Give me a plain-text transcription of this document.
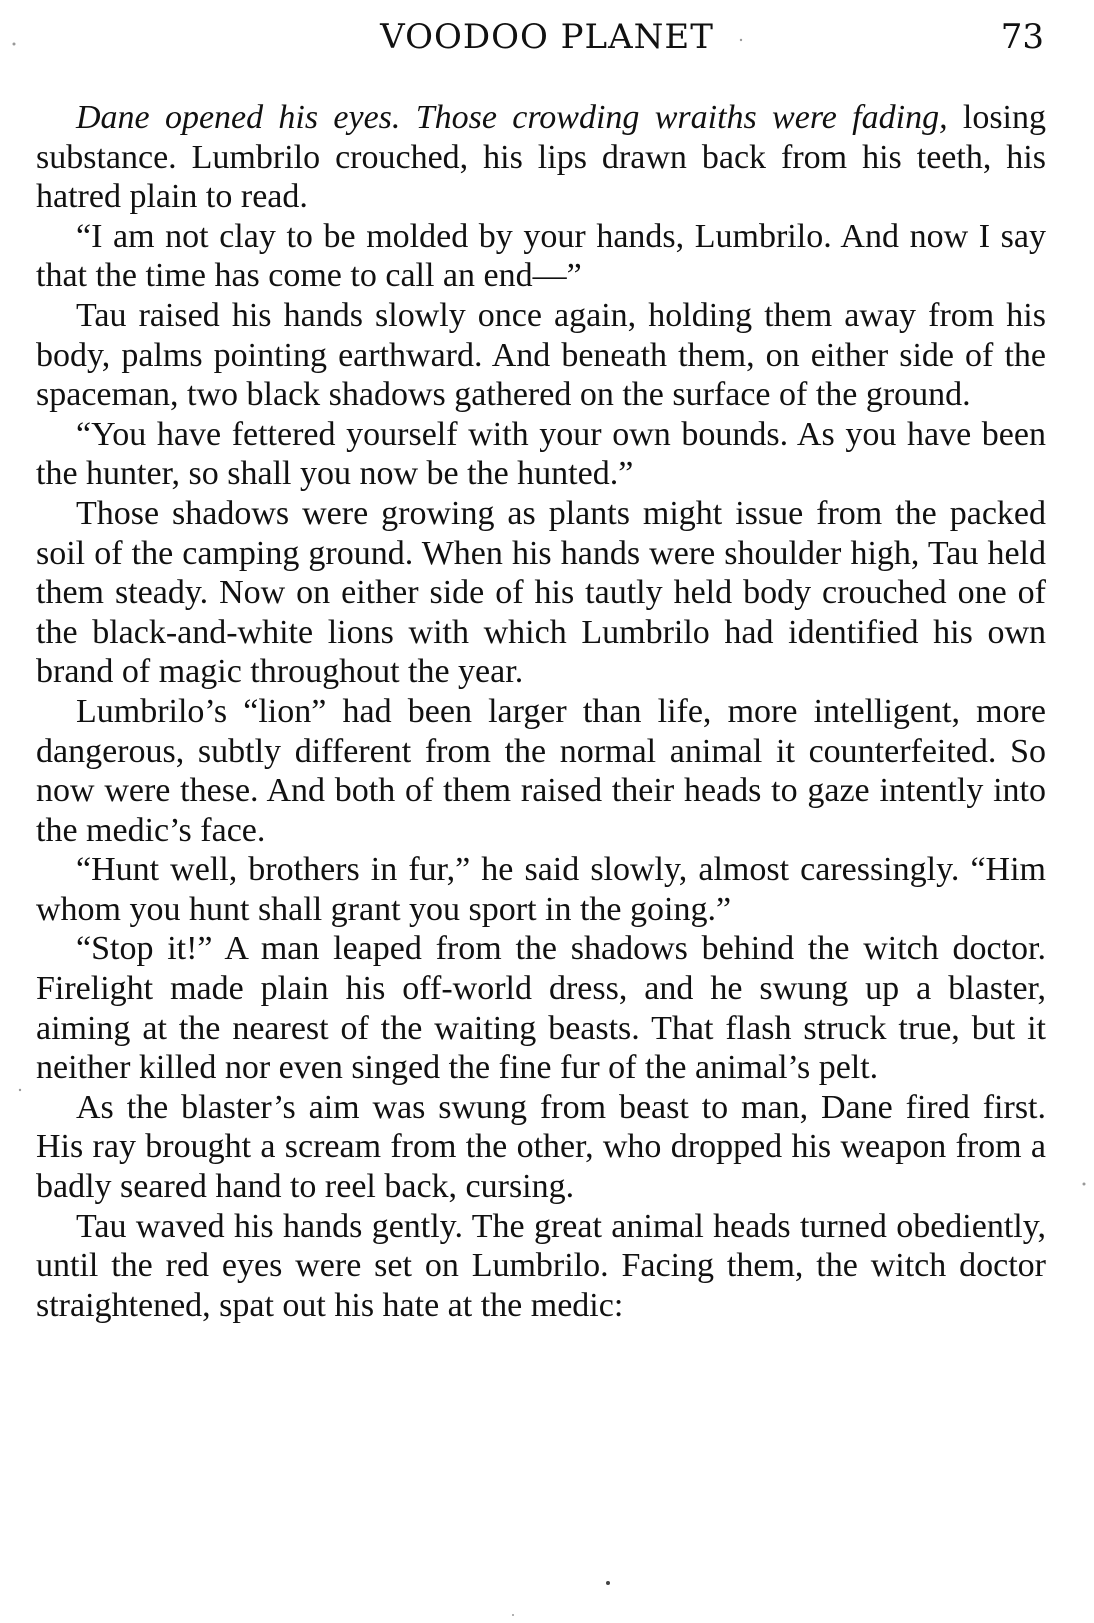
VOODOO PLANET	73

Dane opened his eyes. Those crowding wraiths were fading, losing substance. Lumbrilo crouched, his lips drawn back from his teeth, his hatred plain to read.

“I am not clay to be molded by your hands, Lumbrilo. And now I say that the time has come to call an end—”

Tau raised his hands slowly once again, holding them away from his body, palms pointing earthward. And beneath them, on either side of the spaceman, two black shadows gathered on the surface of the ground.

“You have fettered yourself with your own bounds. As you have been the hunter, so shall you now be the hunted.”

Those shadows were growing as plants might issue from the packed soil of the camping ground. When his hands were shoulder high, Tau held them steady. Now on either side of his tautly held body crouched one of the black-and-white lions with which Lumbrilo had identified his own brand of magic throughout the year.

Lumbrilo’s “lion” had been larger than life, more intelligent, more dangerous, subtly different from the normal animal it counterfeited. So now were these. And both of them raised their heads to gaze intently into the medic’s face.

“Hunt well, brothers in fur,” he said slowly, almost caressingly. “Him whom you hunt shall grant you sport in the going.”

“Stop it!” A man leaped from the shadows behind the witch doctor. Firelight made plain his off-world dress, and he swung up a blaster, aiming at the nearest of the waiting beasts. That flash struck true, but it neither killed nor even singed the fine fur of the animal’s pelt.

As the blaster’s aim was swung from beast to man, Dane fired first. His ray brought a scream from the other, who dropped his weapon from a badly seared hand to reel back, cursing.

Tau waved his hands gently. The great animal heads turned obediently, until the red eyes were set on Lumbrilo. Facing them, the witch doctor straightened, spat out his hate at the medic:
